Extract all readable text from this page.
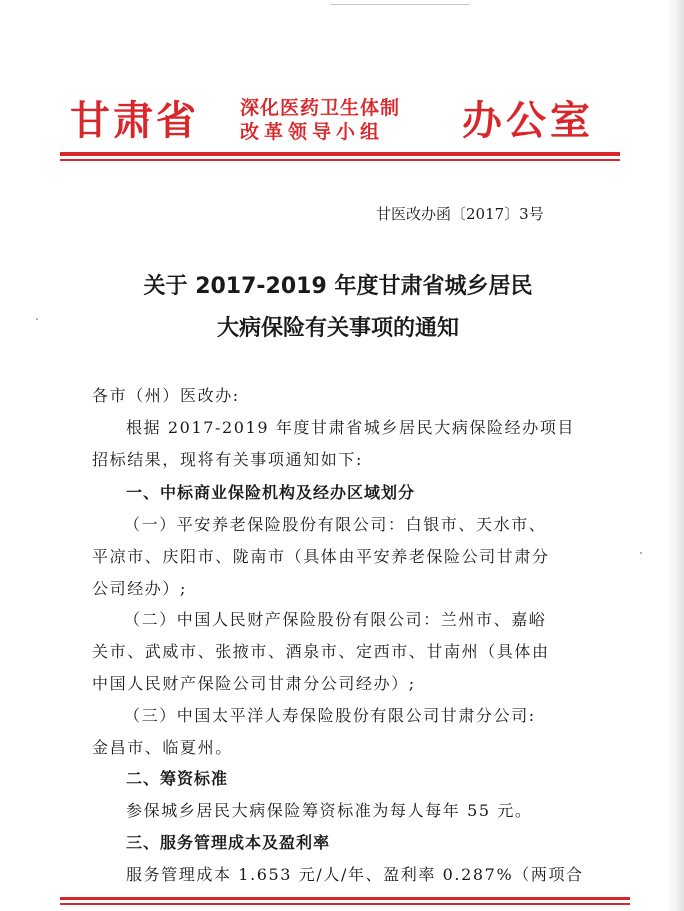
甘肃省 深化医药卫生体制
改革领导小组 办公室
甘医改办函〔2017〕3号
关于 2017-2019 年度甘肃省城乡居民
大病保险有关事项的通知
各市（州）医改办:
根据 2017-2019 年度甘肃省城乡居民大病保险经办项目
招标结果，现将有关事项通知如下:
一、中标商业保险机构及经办区域划分
（一）平安养老保险股份有限公司：白银市、天水市、
平凉市、庆阳市、陇南市（具体由平安养老保险公司甘肃分
公司经办）;
（二）中国人民财产保险股份有限公司：兰州市、嘉峪
关市、武威市、张掖市、酒泉市、定西市、甘南州（具体由
中国人民财产保险公司甘肃分公司经办）;
（三）中国太平洋人寿保险股份有限公司甘肃分公司:
金昌市、临夏州。
二、筹资标准
参保城乡居民大病保险筹资标准为每人每年 55 元。
三、服务管理成本及盈利率
服务管理成本 1.653 元/人/年、盈利率 0.287%（两项合
